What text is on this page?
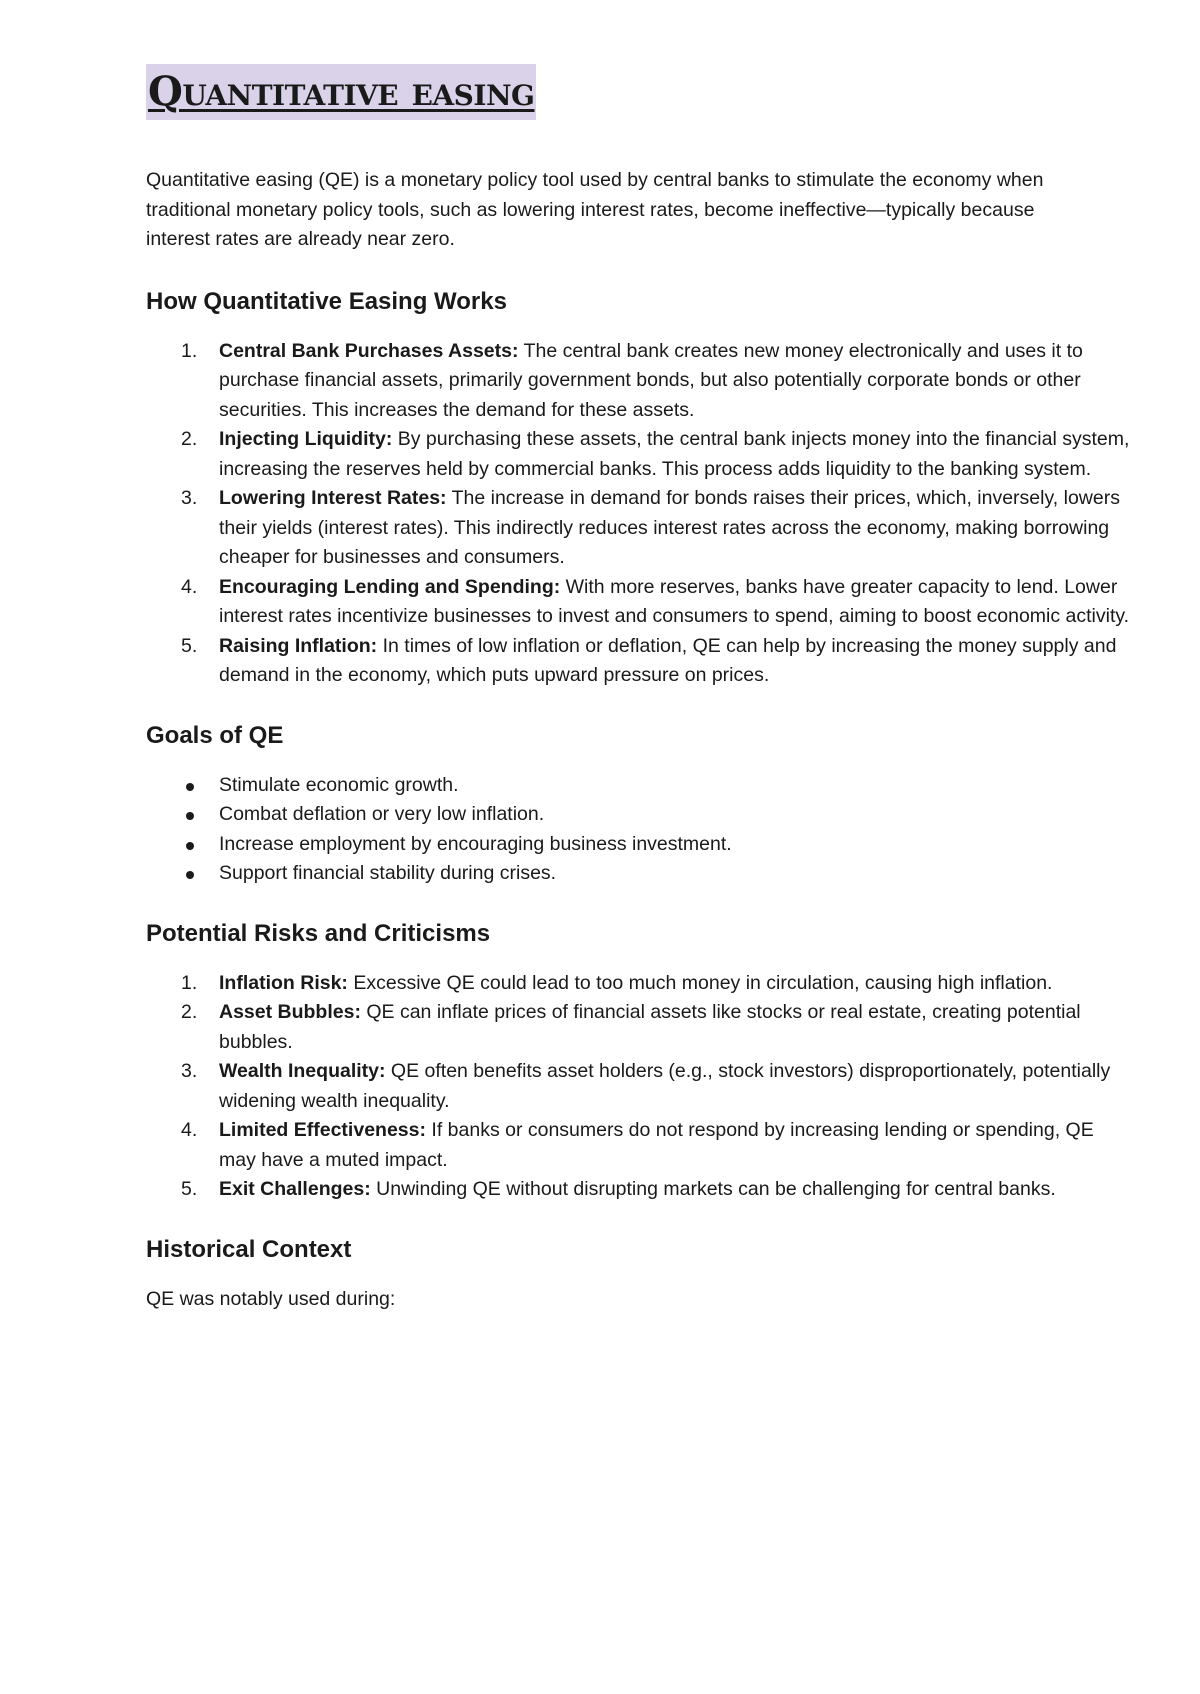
Quantitative easing

Quantitative easing (QE) is a monetary policy tool used by central banks to stimulate the economy when traditional monetary policy tools, such as lowering interest rates, become ineffective—typically because interest rates are already near zero.

How Quantitative Easing Works
1. Central Bank Purchases Assets: The central bank creates new money electronically and uses it to purchase financial assets, primarily government bonds, but also potentially corporate bonds or other securities. This increases the demand for these assets.
2. Injecting Liquidity: By purchasing these assets, the central bank injects money into the financial system, increasing the reserves held by commercial banks. This process adds liquidity to the banking system.
3. Lowering Interest Rates: The increase in demand for bonds raises their prices, which, inversely, lowers their yields (interest rates). This indirectly reduces interest rates across the economy, making borrowing cheaper for businesses and consumers.
4. Encouraging Lending and Spending: With more reserves, banks have greater capacity to lend. Lower interest rates incentivize businesses to invest and consumers to spend, aiming to boost economic activity.
5. Raising Inflation: In times of low inflation or deflation, QE can help by increasing the money supply and demand in the economy, which puts upward pressure on prices.
Goals of QE
Stimulate economic growth.
Combat deflation or very low inflation.
Increase employment by encouraging business investment.
Support financial stability during crises.
Potential Risks and Criticisms
1. Inflation Risk: Excessive QE could lead to too much money in circulation, causing high inflation.
2. Asset Bubbles: QE can inflate prices of financial assets like stocks or real estate, creating potential bubbles.
3. Wealth Inequality: QE often benefits asset holders (e.g., stock investors) disproportionately, potentially widening wealth inequality.
4. Limited Effectiveness: If banks or consumers do not respond by increasing lending or spending, QE may have a muted impact.
5. Exit Challenges: Unwinding QE without disrupting markets can be challenging for central banks.
Historical Context

QE was notably used during:
